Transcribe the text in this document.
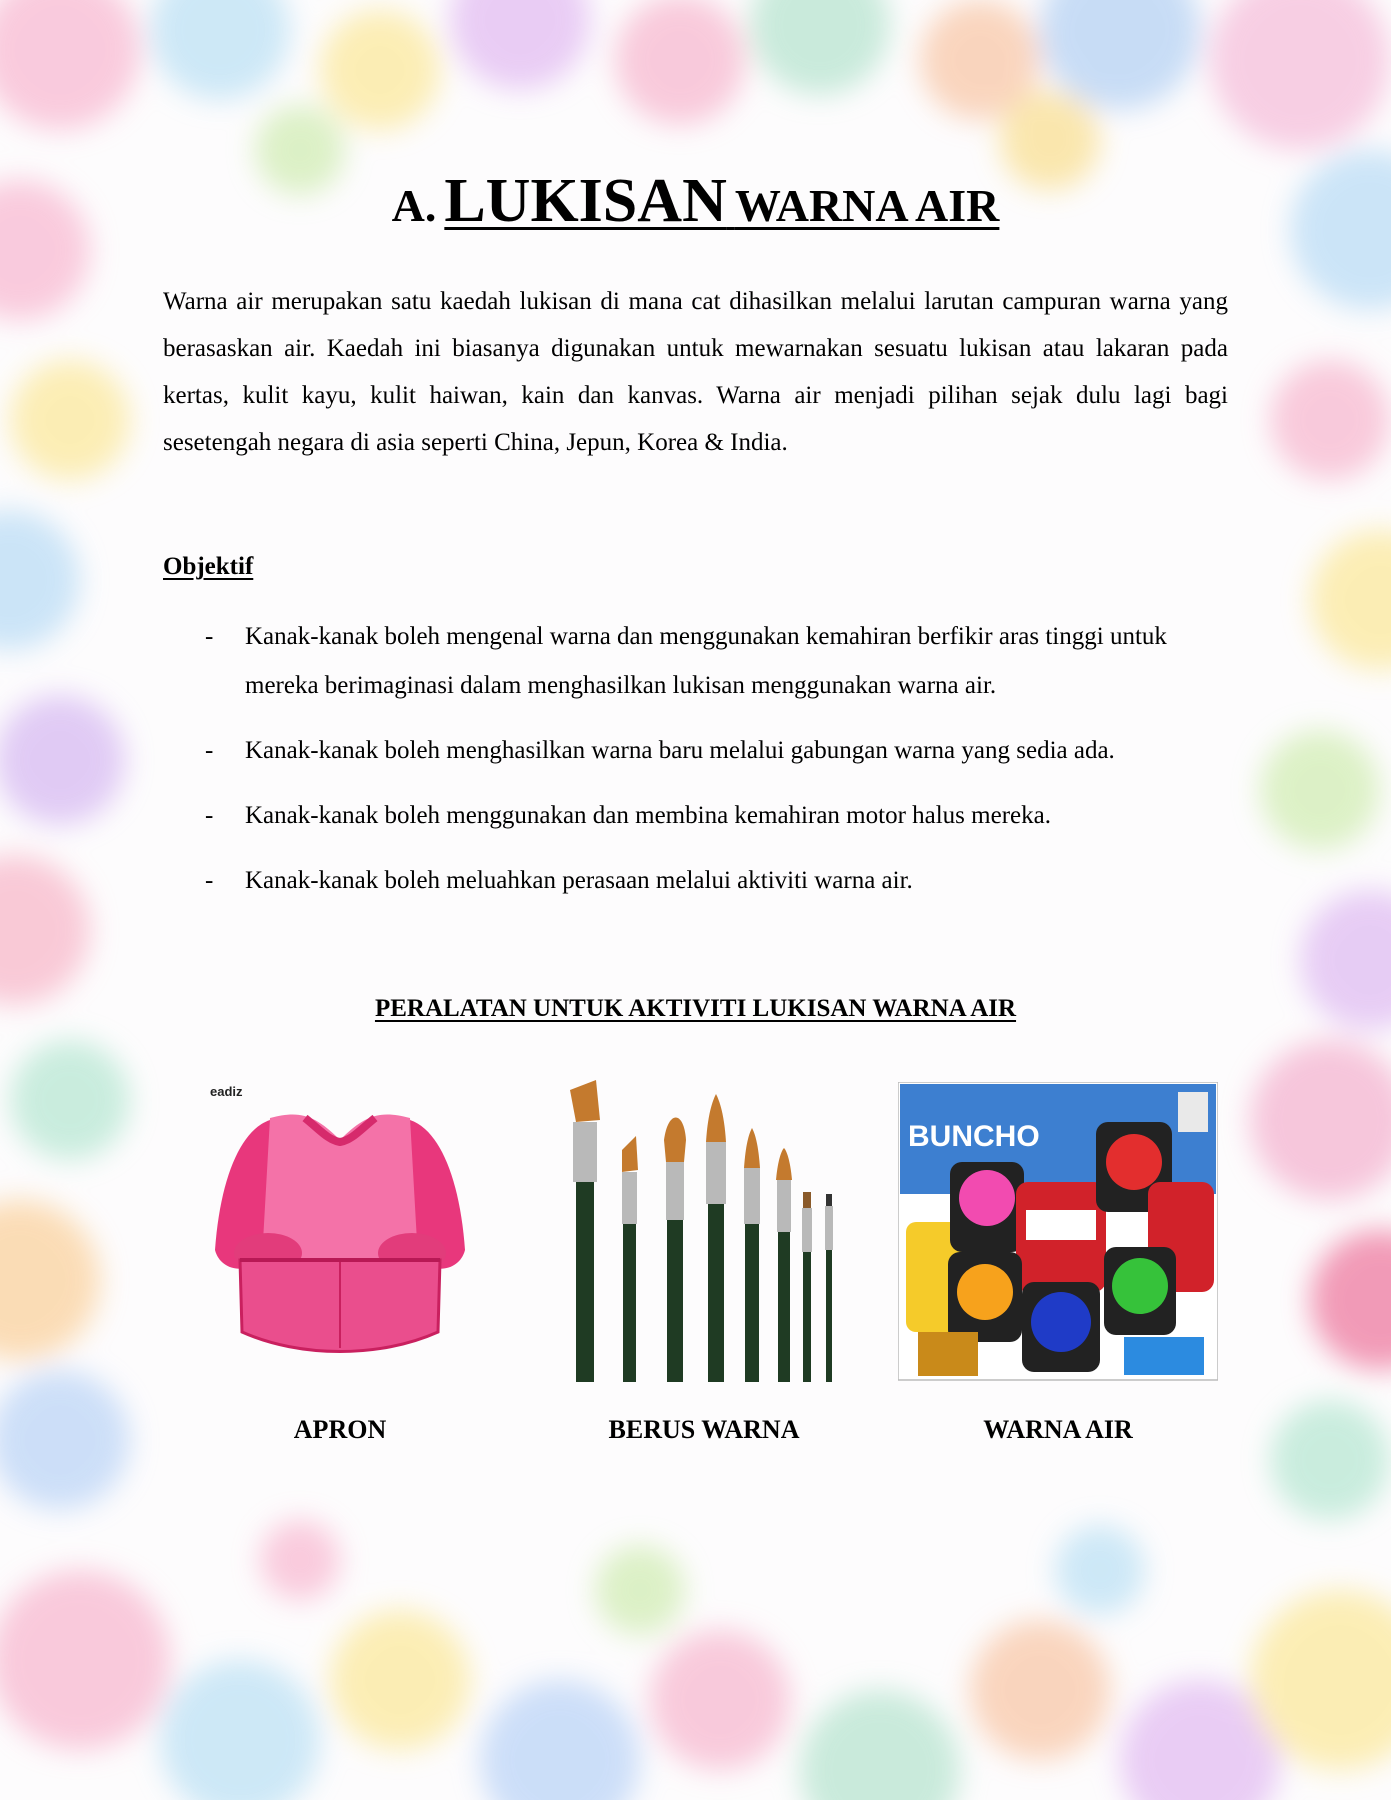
A. LUKISAN WARNA AIR

Warna air merupakan satu kaedah lukisan di mana cat dihasilkan melalui larutan campuran warna yang berasaskan air. Kaedah ini biasanya digunakan untuk mewarnakan sesuatu lukisan atau lakaran pada kertas, kulit kayu, kulit haiwan, kain dan kanvas. Warna air menjadi pilihan sejak dulu lagi bagi sesetengah negara di asia seperti China, Jepun, Korea & India.

Objektif
- Kanak-kanak boleh mengenal warna dan menggunakan kemahiran berfikir aras tinggi untuk mereka berimaginasi dalam menghasilkan lukisan menggunakan warna air.
- Kanak-kanak boleh menghasilkan warna baru melalui gabungan warna yang sedia ada.
- Kanak-kanak boleh menggunakan dan membina kemahiran motor halus mereka.
- Kanak-kanak boleh meluahkan perasaan melalui aktiviti warna air.
PERALATAN UNTUK AKTIVITI LUKISAN WARNA AIR
eadiz
APRON	BERUS WARNA
BUNCHO
WARNA AIR
